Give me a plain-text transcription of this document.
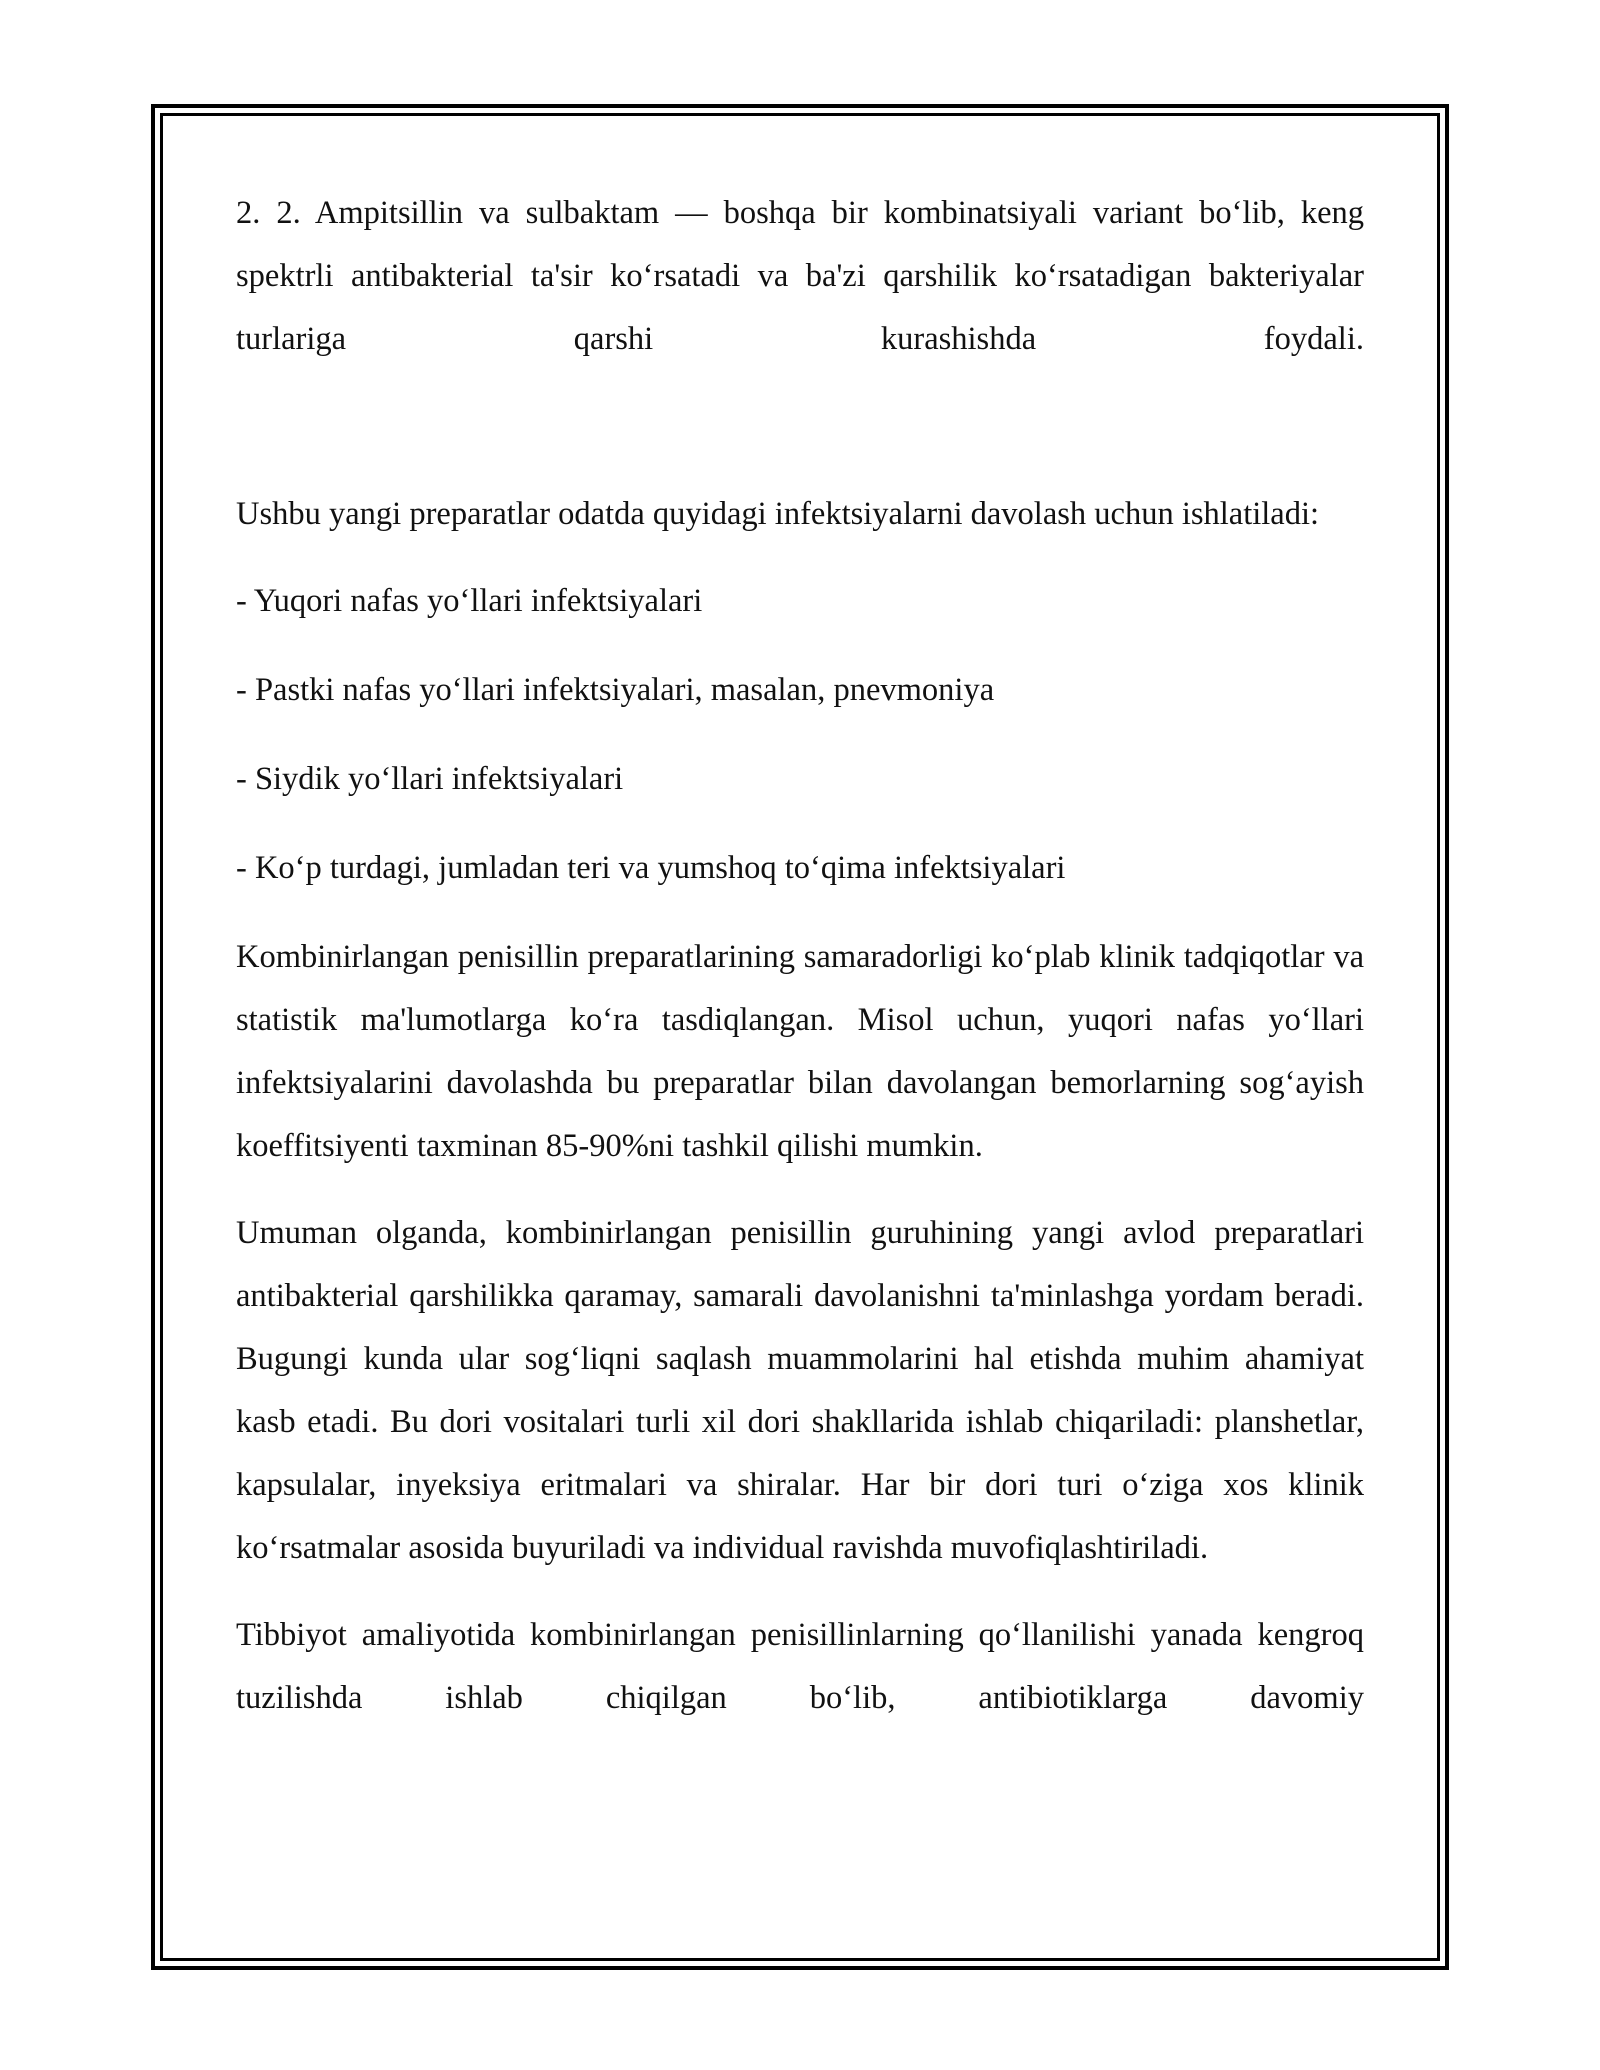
2. 2. Ampitsillin va sulbaktam — boshqa bir kombinatsiyali variant bo‘lib, keng spektrli antibakterial ta'sir ko‘rsatadi va ba'zi qarshilik ko‘rsatadigan bakteriyalar turlariga qarshi kurashishda foydali.

Ushbu yangi preparatlar odatda quyidagi infektsiyalarni davolash uchun ishlatiladi:

- Yuqori nafas yo‘llari infektsiyalari

- Pastki nafas yo‘llari infektsiyalari, masalan, pnevmoniya

- Siydik yo‘llari infektsiyalari

- Ko‘p turdagi, jumladan teri va yumshoq to‘qima infektsiyalari

Kombinirlangan penisillin preparatlarining samaradorligi ko‘plab klinik tadqiqotlar va statistik ma'lumotlarga ko‘ra tasdiqlangan. Misol uchun, yuqori nafas yo‘llari infektsiyalarini davolashda bu preparatlar bilan davolangan bemorlarning sog‘ayish koeffitsiyenti taxminan 85-90%ni tashkil qilishi mumkin.

Umuman olganda, kombinirlangan penisillin guruhining yangi avlod preparatlari antibakterial qarshilikka qaramay, samarali davolanishni ta'minlashga yordam beradi. Bugungi kunda ular sog‘liqni saqlash muammolarini hal etishda muhim ahamiyat kasb etadi. Bu dori vositalari turli xil dori shakllarida ishlab chiqariladi: planshetlar, kapsulalar, inyeksiya eritmalari va shiralar. Har bir dori turi o‘ziga xos klinik ko‘rsatmalar asosida buyuriladi va individual ravishda muvofiqlashtiriladi.

Tibbiyot amaliyotida kombinirlangan penisillinlarning qo‘llanilishi yanada kengroq tuzilishda ishlab chiqilgan bo‘lib, antibiotiklarga davomiy
